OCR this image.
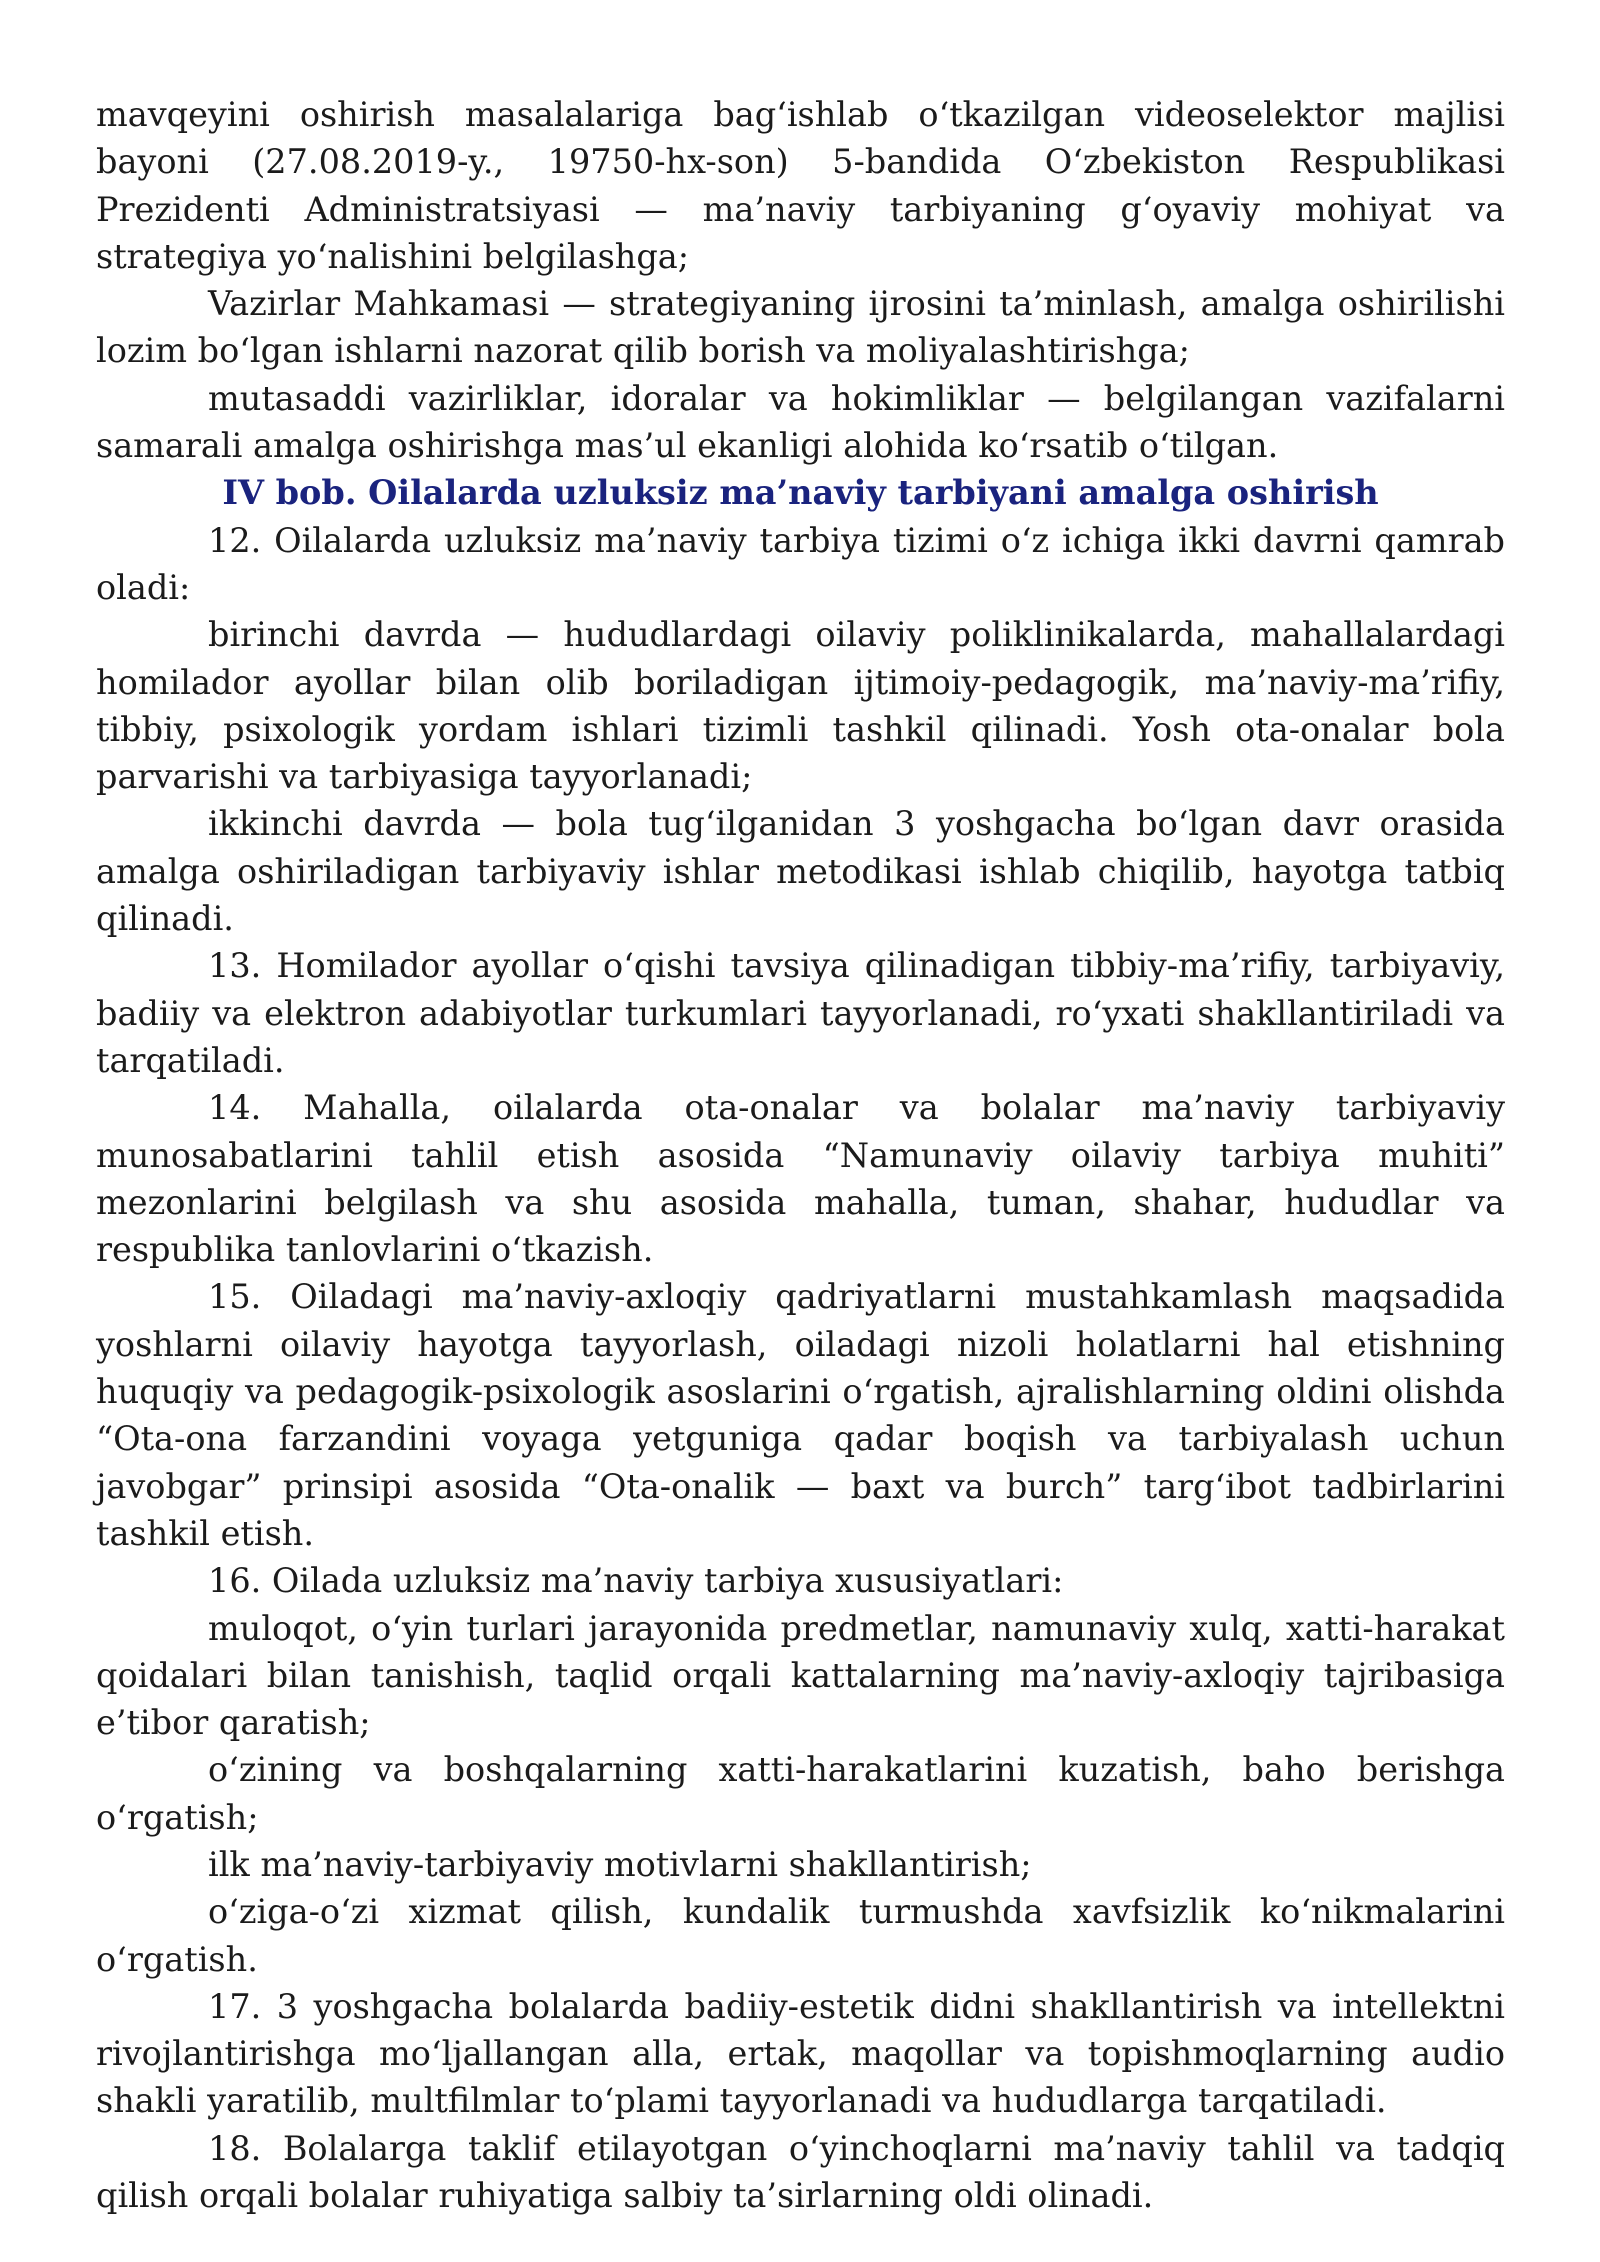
mavqeyini oshirish masalalariga bag‘ishlab o‘tkazilgan videoselektor majlisi bayoni (27.08.2019-y., 19750-hx-son) 5-bandida O‘zbekiston Respublikasi Prezidenti Administratsiyasi — ma’naviy tarbiyaning g‘oyaviy mohiyat va strategiya yo‘nalishini belgilashga;

Vazirlar Mahkamasi — strategiyaning ijrosini ta’minlash, amalga oshirilishi lozim bo‘lgan ishlarni nazorat qilib borish va moliyalashtirishga;

mutasaddi vazirliklar, idoralar va hokimliklar — belgilangan vazifalarni samarali amalga oshirishga mas’ul ekanligi alohida ko‘rsatib o‘tilgan.

IV bob. Oilalarda uzluksiz ma’naviy tarbiyani amalga oshirish

12. Oilalarda uzluksiz ma’naviy tarbiya tizimi o‘z ichiga ikki davrni qamrab oladi:

birinchi davrda — hududlardagi oilaviy poliklinikalarda, mahallalardagi homilador ayollar bilan olib boriladigan ijtimoiy-pedagogik, ma’naviy-ma’rifiy, tibbiy, psixologik yordam ishlari tizimli tashkil qilinadi. Yosh ota-onalar bola parvarishi va tarbiyasiga tayyorlanadi;

ikkinchi davrda — bola tug‘ilganidan 3 yoshgacha bo‘lgan davr orasida amalga oshiriladigan tarbiyaviy ishlar metodikasi ishlab chiqilib, hayotga tatbiq qilinadi.

13. Homilador ayollar o‘qishi tavsiya qilinadigan tibbiy-ma’rifiy, tarbiyaviy, badiiy va elektron adabiyotlar turkumlari tayyorlanadi, ro‘yxati shakllantiriladi va tarqatiladi.

14. Mahalla, oilalarda ota-onalar va bolalar ma’naviy tarbiyaviy munosabatlarini tahlil etish asosida “Namunaviy oilaviy tarbiya muhiti” mezonlarini belgilash va shu asosida mahalla, tuman, shahar, hududlar va respublika tanlovlarini o‘tkazish.

15. Oiladagi ma’naviy-axloqiy qadriyatlarni mustahkamlash maqsadida yoshlarni oilaviy hayotga tayyorlash, oiladagi nizoli holatlarni hal etishning huquqiy va pedagogik-psixologik asoslarini o‘rgatish, ajralishlarning oldini olishda “Ota-ona farzandini voyaga yetguniga qadar boqish va tarbiyalash uchun javobgar” prinsipi asosida “Ota-onalik — baxt va burch” targ‘ibot tadbirlarini tashkil etish.

16. Oilada uzluksiz ma’naviy tarbiya xususiyatlari:

muloqot, o‘yin turlari jarayonida predmetlar, namunaviy xulq, xatti-harakat qoidalari bilan tanishish, taqlid orqali kattalarning ma’naviy-axloqiy tajribasiga e’tibor qaratish;

o‘zining va boshqalarning xatti-harakatlarini kuzatish, baho berishga o‘rgatish;

ilk ma’naviy-tarbiyaviy motivlarni shakllantirish;

o‘ziga-o‘zi xizmat qilish, kundalik turmushda xavfsizlik ko‘nikmalarini o‘rgatish.

17. 3 yoshgacha bolalarda badiiy-estetik didni shakllantirish va intellektni rivojlantirishga mo‘ljallangan alla, ertak, maqollar va topishmoqlarning audio shakli yaratilib, multfilmlar to‘plami tayyorlanadi va hududlarga tarqatiladi.

18. Bolalarga taklif etilayotgan o‘yinchoqlarni ma’naviy tahlil va tadqiq qilish orqali bolalar ruhiyatiga salbiy ta’sirlarning oldi olinadi.
